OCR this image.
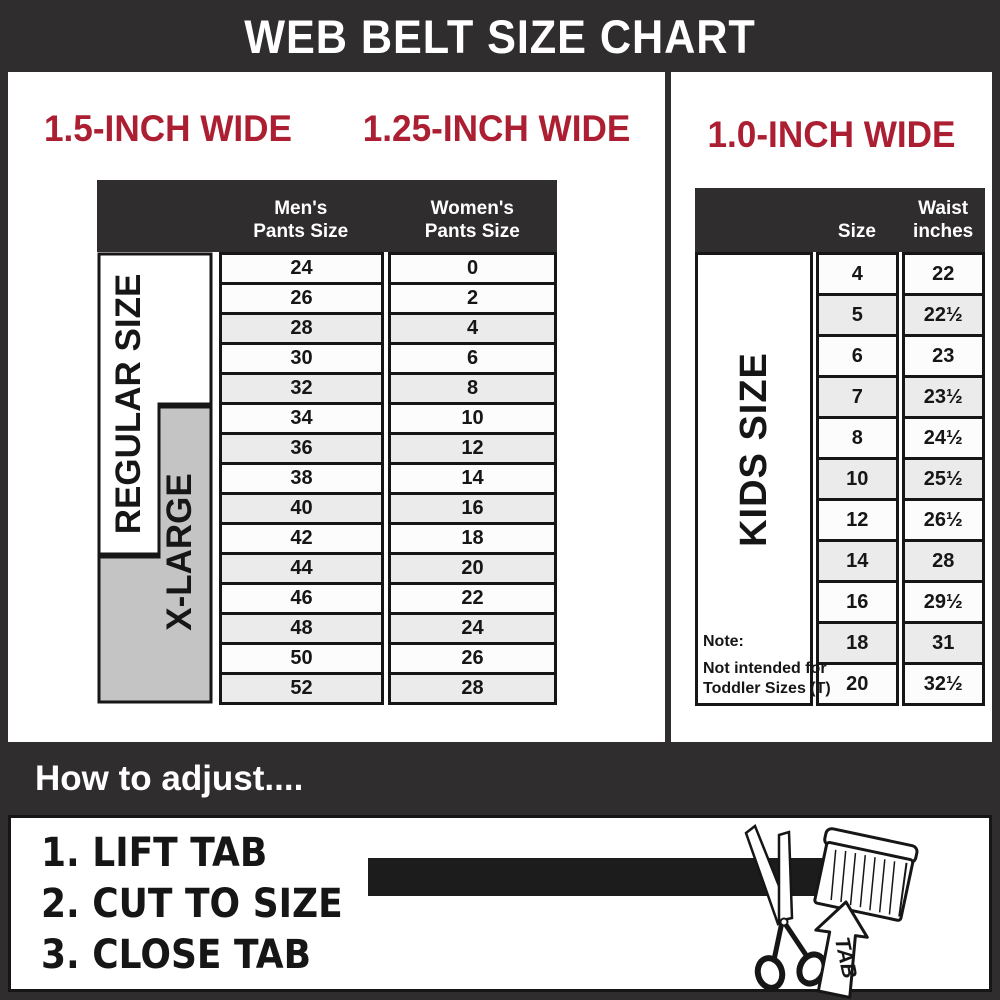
WEB BELT SIZE CHART
1.5-INCH WIDE	1.25-INCH WIDE
Men's
Pants Size
Women's
Pants Size
REGULAR SIZE
X-LARGE
24
26
28
30
32
34
36
38
40
42
44
46
48
50
52
0
2
4
6
8
10
12
14
16
18
20
22
24
26
28
1.0-INCH WIDE
Size
Waist
inches
KIDS SIZE
Note:
Not intended for
Toddler Sizes (T)
4
5
6
7
8
10
12
14
16
18
20
22
22½
23
23½
24½
25½
26½
28
29½
31
32½
How to adjust....
1. LIFT TAB
2. CUT TO SIZE
3. CLOSE TAB	TAB
